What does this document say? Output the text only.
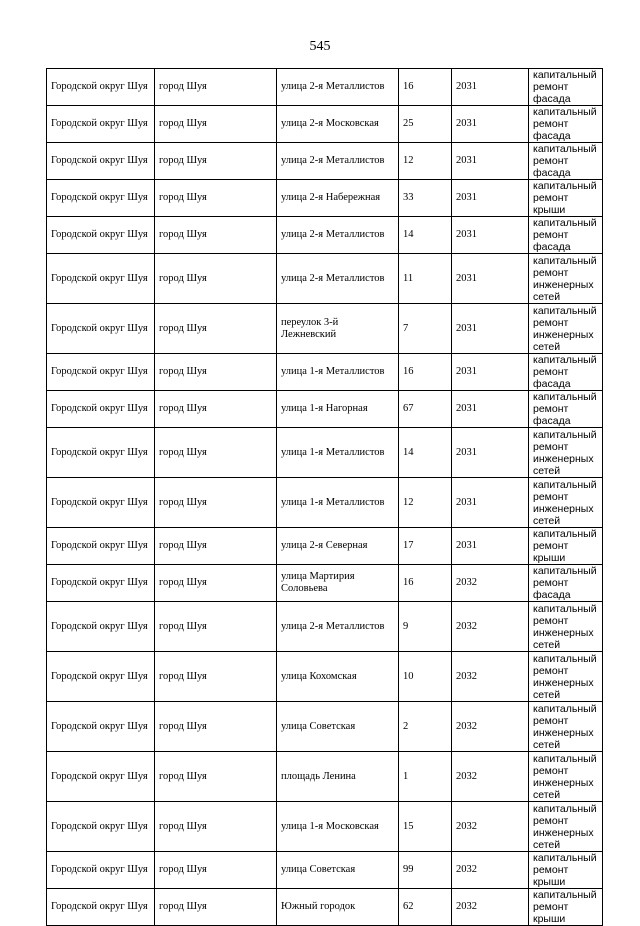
545
Городской округ Шуя	город Шуя	улица 2-я Металлистов	16	2031	капитальный ремонт фасада
Городской округ Шуя	город Шуя	улица 2-я Московская	25	2031	капитальный ремонт фасада
Городской округ Шуя	город Шуя	улица 2-я Металлистов	12	2031	капитальный ремонт фасада
Городской округ Шуя	город Шуя	улица 2-я Набережная	33	2031	капитальный ремонт крыши
Городской округ Шуя	город Шуя	улица 2-я Металлистов	14	2031	капитальный ремонт фасада
Городской округ Шуя	город Шуя	улица 2-я Металлистов	11	2031	капитальный ремонт инженерных сетей
Городской округ Шуя	город Шуя	переулок 3-й Лежневский	7	2031	капитальный ремонт инженерных сетей
Городской округ Шуя	город Шуя	улица 1-я Металлистов	16	2031	капитальный ремонт фасада
Городской округ Шуя	город Шуя	улица 1-я Нагорная	67	2031	капитальный ремонт фасада
Городской округ Шуя	город Шуя	улица 1-я Металлистов	14	2031	капитальный ремонт инженерных сетей
Городской округ Шуя	город Шуя	улица 1-я Металлистов	12	2031	капитальный ремонт инженерных сетей
Городской округ Шуя	город Шуя	улица 2-я Северная	17	2031	капитальный ремонт крыши
Городской округ Шуя	город Шуя	улица Мартирия Соловьева	16	2032	капитальный ремонт фасада
Городской округ Шуя	город Шуя	улица 2-я Металлистов	9	2032	капитальный ремонт инженерных сетей
Городской округ Шуя	город Шуя	улица Кохомская	10	2032	капитальный ремонт инженерных сетей
Городской округ Шуя	город Шуя	улица Советская	2	2032	капитальный ремонт инженерных сетей
Городской округ Шуя	город Шуя	площадь Ленина	1	2032	капитальный ремонт инженерных сетей
Городской округ Шуя	город Шуя	улица 1-я Московская	15	2032	капитальный ремонт инженерных сетей
Городской округ Шуя	город Шуя	улица Советская	99	2032	капитальный ремонт крыши
Городской округ Шуя	город Шуя	Южный городок	62	2032	капитальный ремонт крыши
